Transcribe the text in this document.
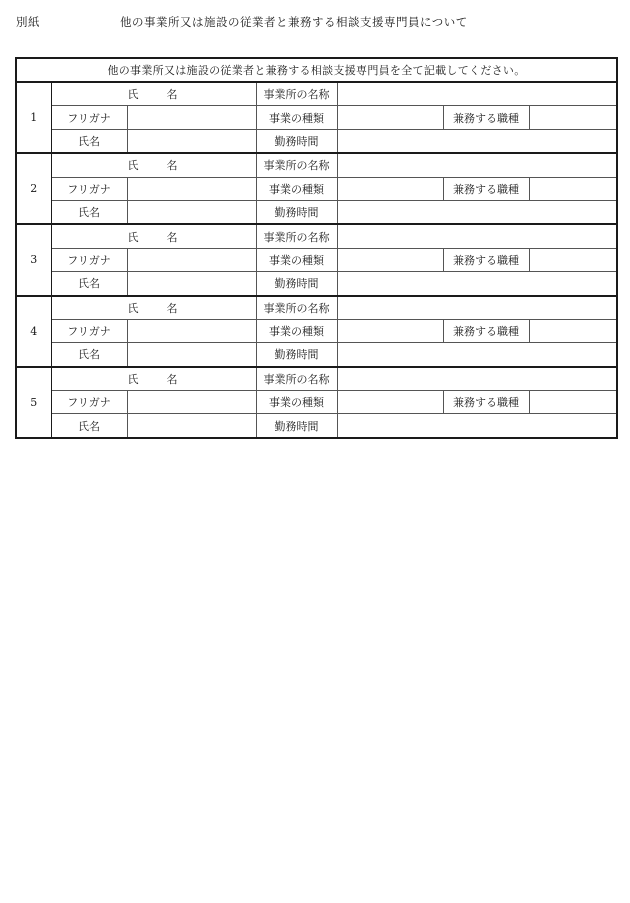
別紙	他の事業所又は施設の従業者と兼務する相談支援専門員について
他の事業所又は施設の従業者と兼務する相談支援専門員を全て記載してください。						
1	氏　　名		事業所の名称			
	フリガナ		事業の種類		兼務する職種	
	氏名		勤務時間			
2	氏　　名		事業所の名称			
	フリガナ		事業の種類		兼務する職種	
	氏名		勤務時間			
3	氏　　名		事業所の名称			
	フリガナ		事業の種類		兼務する職種	
	氏名		勤務時間			
4	氏　　名		事業所の名称			
	フリガナ		事業の種類		兼務する職種	
	氏名		勤務時間			
5	氏　　名		事業所の名称			
	フリガナ		事業の種類		兼務する職種	
	氏名		勤務時間			
